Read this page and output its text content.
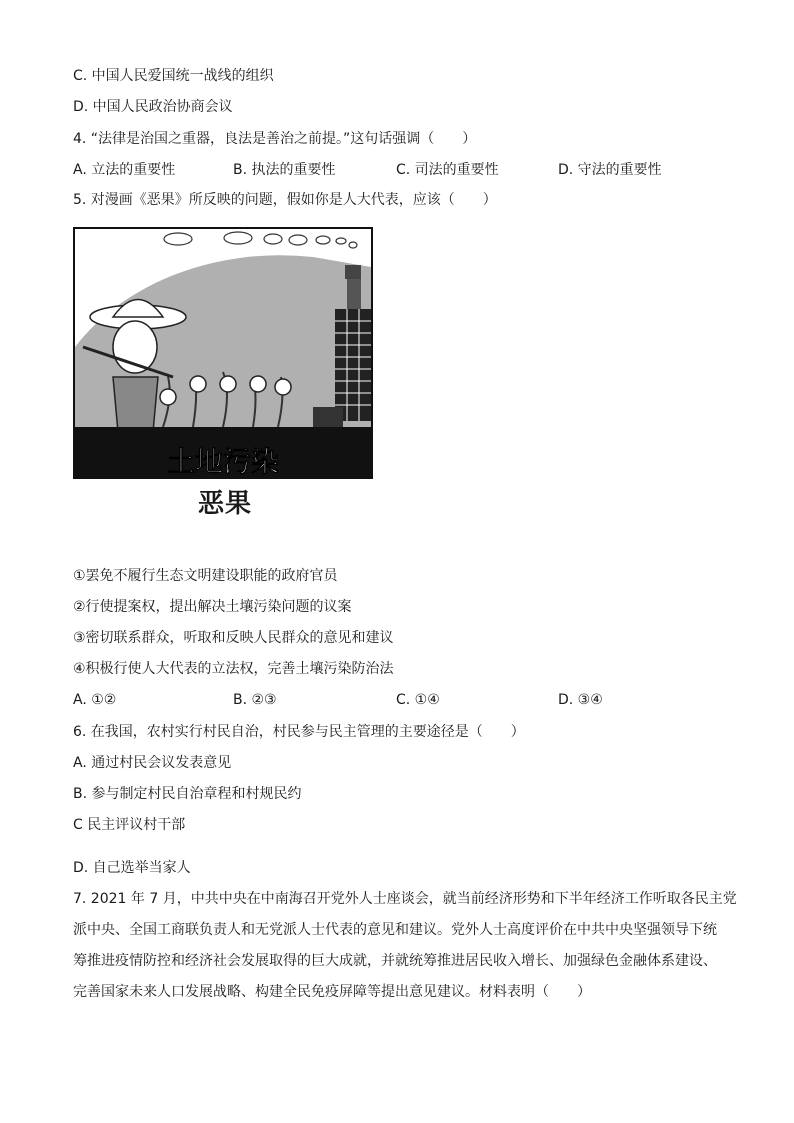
C. 中国人民爱国统一战线的组织
D. 中国人民政治协商会议
4. “法律是治国之重器，良法是善治之前提。”这句话强调（　　）
A. 立法的重要性	B. 执法的重要性	C. 司法的重要性	D. 守法的重要性
5. 对漫画《恶果》所反映的问题，假如你是人大代表，应该（　　）
土地污染
恶果
①罢免不履行生态文明建设职能的政府官员
②行使提案权，提出解决土壤污染问题的议案
③密切联系群众，听取和反映人民群众的意见和建议
④积极行使人大代表的立法权，完善土壤污染防治法
A. ①②	B. ②③	C. ①④	D. ③④
6. 在我国，农村实行村民自治，村民参与民主管理的主要途径是（　　）
A. 通过村民会议发表意见
B. 参与制定村民自治章程和村规民约
C 民主评议村干部
D. 自己选举当家人
7. 2021 年 7 月，中共中央在中南海召开党外人士座谈会，就当前经济形势和下半年经济工作听取各民主党
派中央、全国工商联负责人和无党派人士代表的意见和建议。党外人士高度评价在中共中央坚强领导下统
筹推进疫情防控和经济社会发展取得的巨大成就，并就统筹推进居民收入增长、加强绿色金融体系建设、
完善国家未来人口发展战略、构建全民免疫屏障等提出意见建议。材料表明（　　）
